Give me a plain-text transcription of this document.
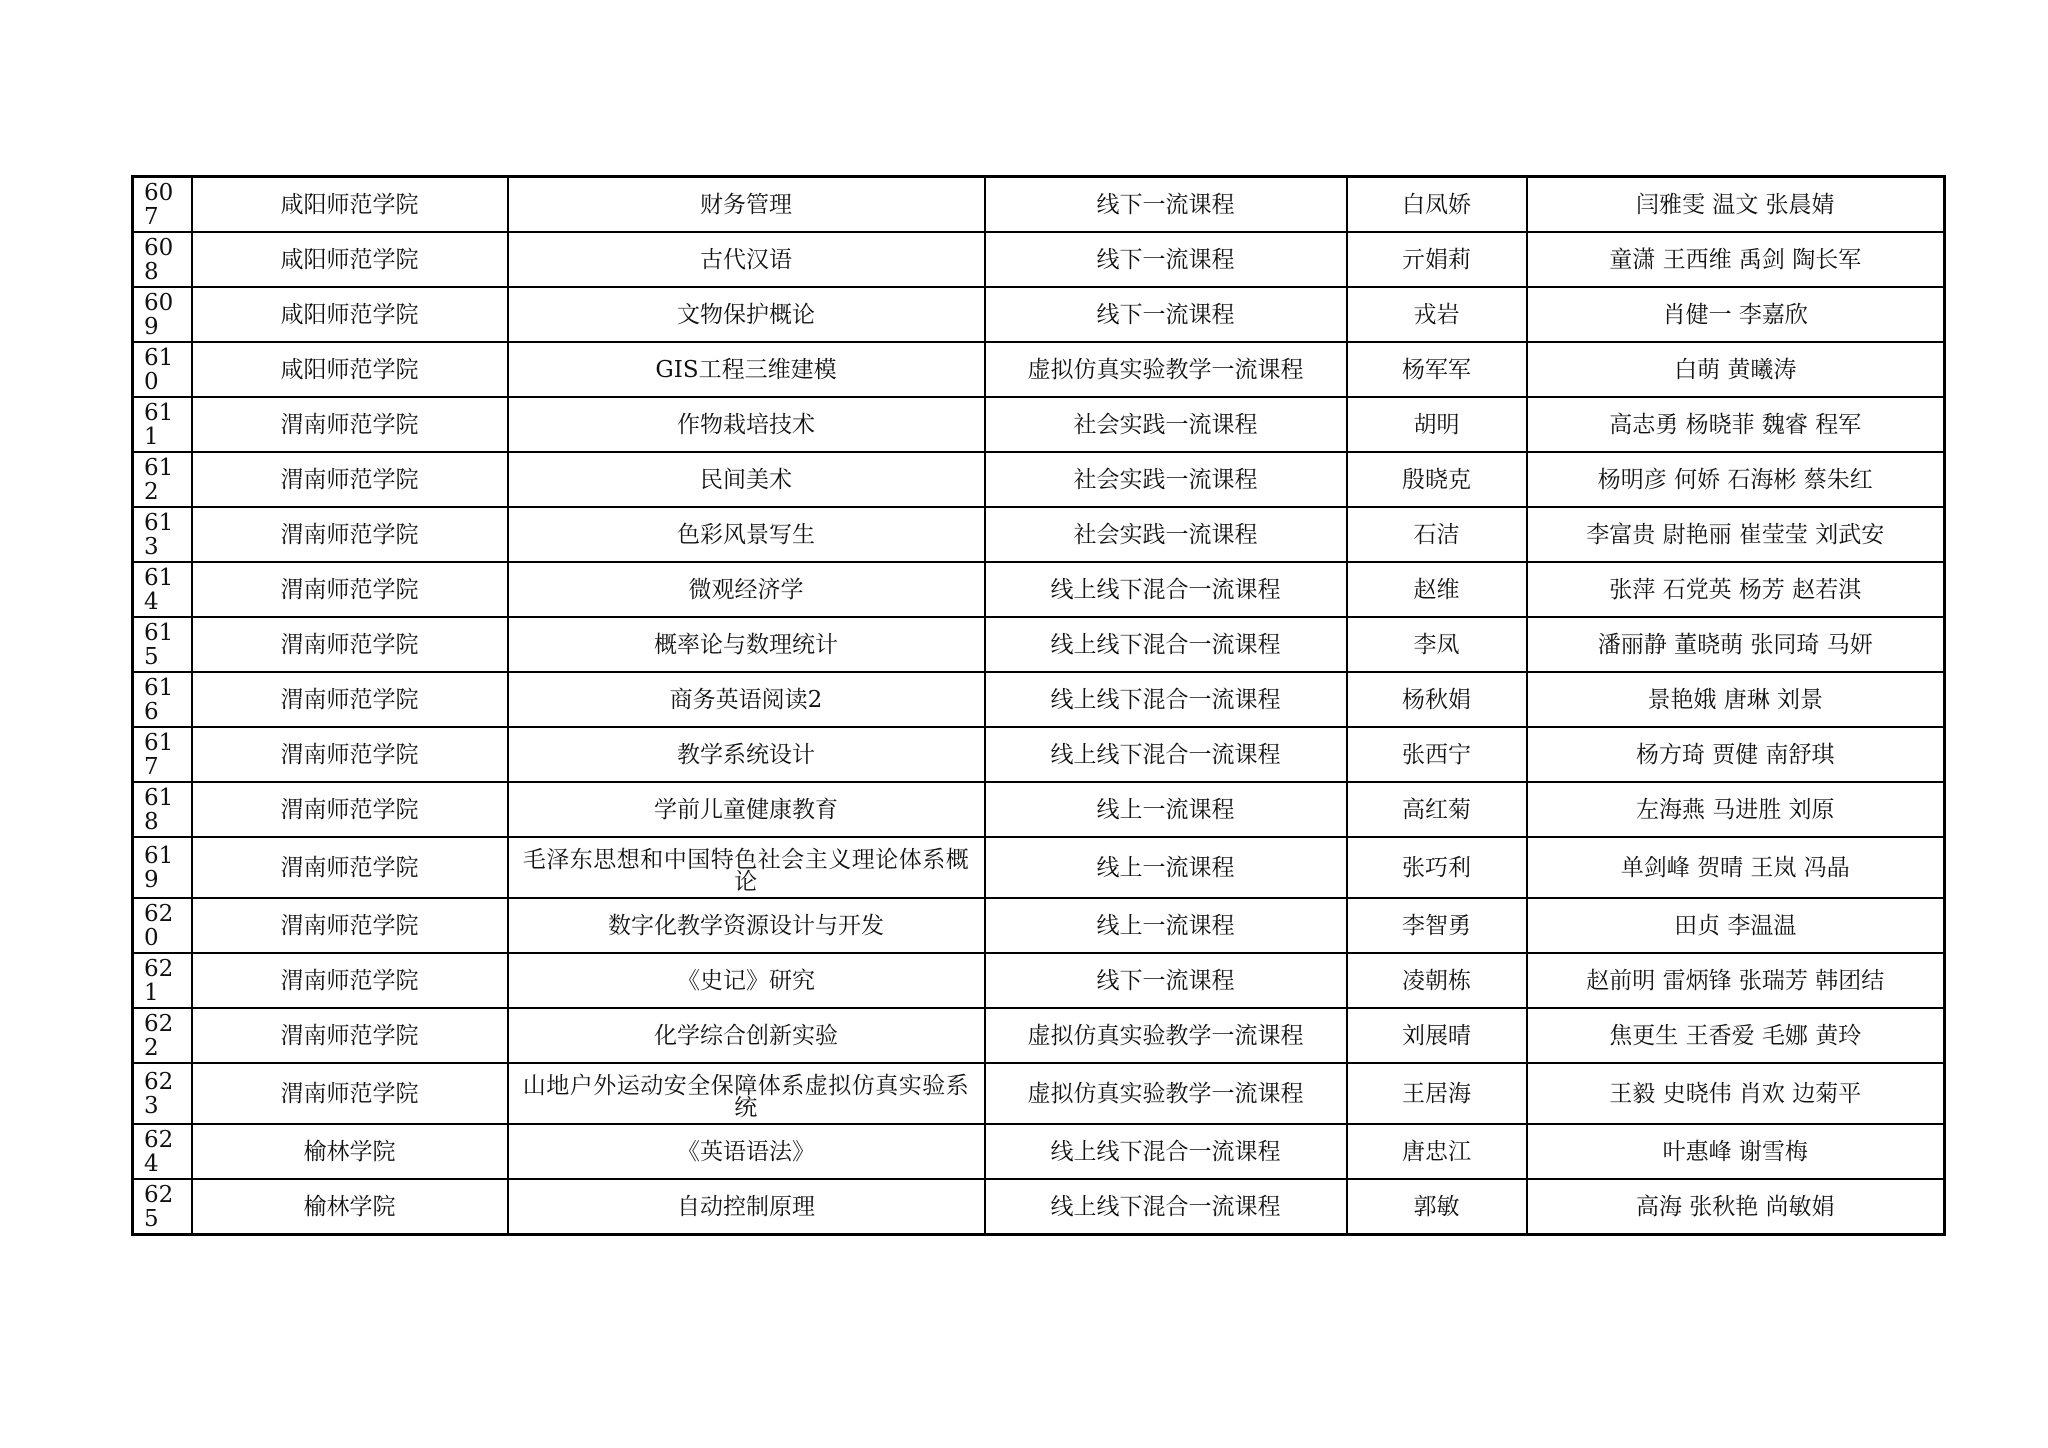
607	咸阳师范学院	财务管理	线下一流课程	白凤娇	闫雅雯 温文 张晨婧
608	咸阳师范学院	古代汉语	线下一流课程	亓娟莉	童潇 王西维 禹剑 陶长军
609	咸阳师范学院	文物保护概论	线下一流课程	戎岩	肖健一 李嘉欣
610	咸阳师范学院	GIS工程三维建模	虚拟仿真实验教学一流课程	杨军军	白萌 黄曦涛
611	渭南师范学院	作物栽培技术	社会实践一流课程	胡明	高志勇 杨晓菲 魏睿 程军
612	渭南师范学院	民间美术	社会实践一流课程	殷晓克	杨明彦 何娇 石海彬 蔡朱红
613	渭南师范学院	色彩风景写生	社会实践一流课程	石洁	李富贵 尉艳丽 崔莹莹 刘武安
614	渭南师范学院	微观经济学	线上线下混合一流课程	赵维	张萍 石党英 杨芳 赵若淇
615	渭南师范学院	概率论与数理统计	线上线下混合一流课程	李凤	潘丽静 董晓萌 张同琦 马妍
616	渭南师范学院	商务英语阅读2	线上线下混合一流课程	杨秋娟	景艳娥 唐琳 刘景
617	渭南师范学院	教学系统设计	线上线下混合一流课程	张西宁	杨方琦 贾健 南舒琪
618	渭南师范学院	学前儿童健康教育	线上一流课程	高红菊	左海燕 马进胜 刘原
619	渭南师范学院	毛泽东思想和中国特色社会主义理论体系概论	线上一流课程	张巧利	单剑峰 贺晴 王岚 冯晶
620	渭南师范学院	数字化教学资源设计与开发	线上一流课程	李智勇	田贞 李温温
621	渭南师范学院	《史记》研究	线下一流课程	凌朝栋	赵前明 雷炳锋 张瑞芳 韩团结
622	渭南师范学院	化学综合创新实验	虚拟仿真实验教学一流课程	刘展晴	焦更生 王香爱 毛娜 黄玲
623	渭南师范学院	山地户外运动安全保障体系虚拟仿真实验系统	虚拟仿真实验教学一流课程	王居海	王毅 史晓伟 肖欢 边菊平
624	榆林学院	《英语语法》	线上线下混合一流课程	唐忠江	叶惠峰 谢雪梅
625	榆林学院	自动控制原理	线上线下混合一流课程	郭敏	高海 张秋艳 尚敏娟
